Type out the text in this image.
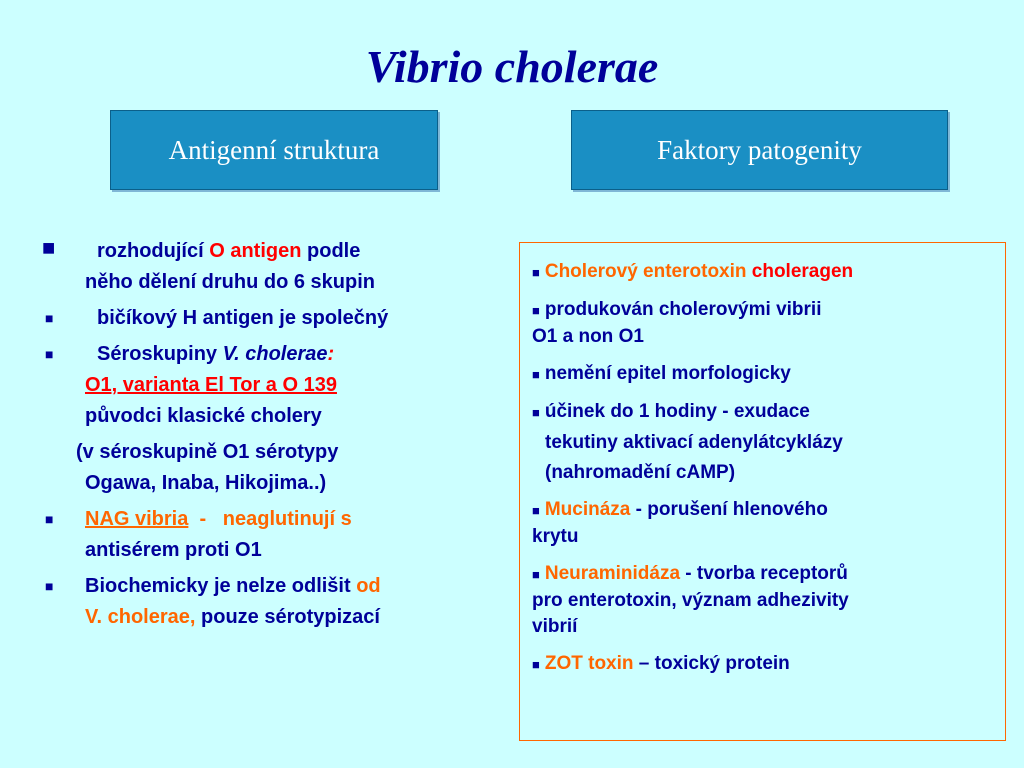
Vibrio cholerae
Antigenní struktura	Faktory patogenity
■ rozhodující O antigen podle
něho dělení druhu do 6 skupin
■ bičíkový H antigen je společný
■ Séroskupiny V. cholerae:
O1, varianta El Tor a O 139
původci klasické cholery
(v séroskupině O1 sérotypy
Ogawa, Inaba, Hikojima..)
■ NAG vibria  -   neaglutinují s
antisérem proti O1
■ Biochemicky je nelze odlišit od
V. cholerae, pouze sérotypizací
■ Cholerový enterotoxin choleragen
■ produkován cholerovými vibrii
O1 a non O1
■ nemění epitel morfologicky
■ účinek do 1 hodiny - exudace
tekutiny aktivací adenylátcyklázy
(nahromadění cAMP)
■ Mucináza - porušení hlenového
krytu
■ Neuraminidáza - tvorba receptorů
pro enterotoxin, význam adhezivity
vibrií
■ ZOT toxin – toxický protein
